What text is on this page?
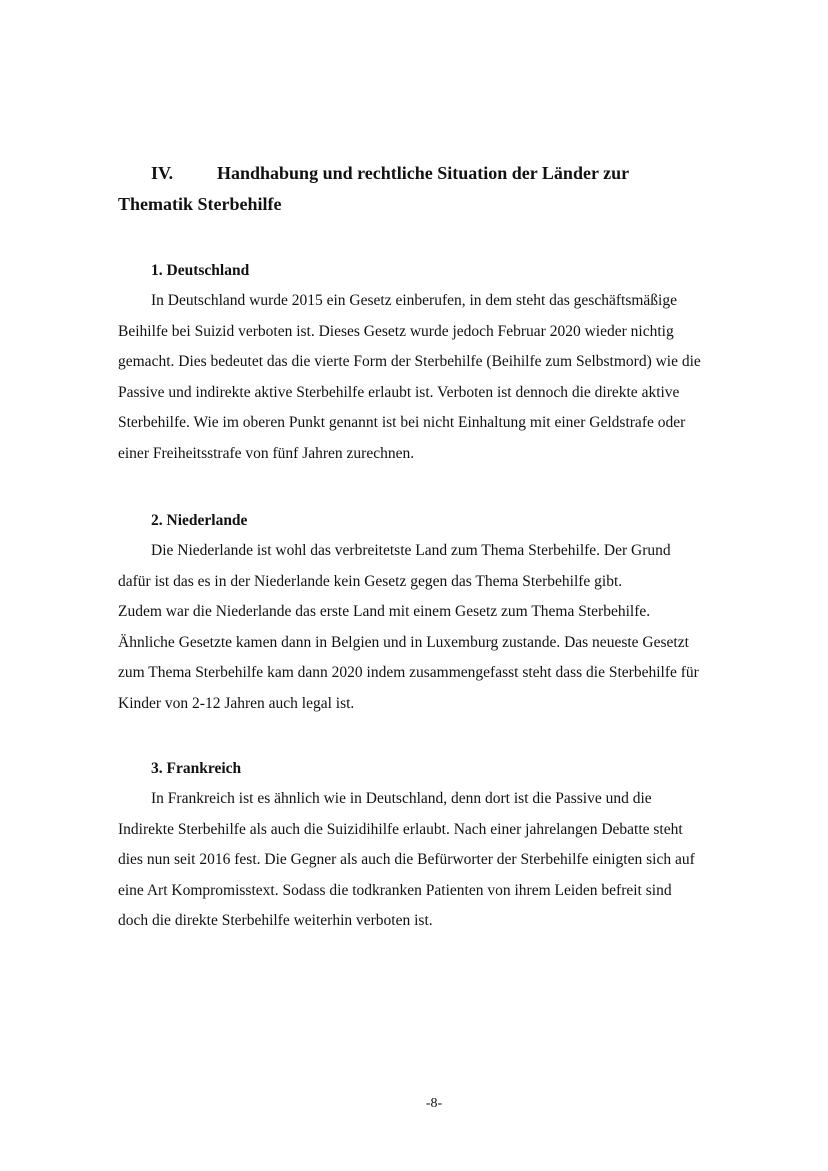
IV. Handhabung und rechtliche Situation der Länder zur
Thematik Sterbehilfe
1. Deutschland

In Deutschland wurde 2015 ein Gesetz einberufen, in dem steht das geschäftsmäßige
Beihilfe bei Suizid verboten ist. Dieses Gesetz wurde jedoch Februar 2020 wieder nichtig
gemacht. Dies bedeutet das die vierte Form der Sterbehilfe (Beihilfe zum Selbstmord) wie die
Passive und indirekte aktive Sterbehilfe erlaubt ist. Verboten ist dennoch die direkte aktive
Sterbehilfe. Wie im oberen Punkt genannt ist bei nicht Einhaltung mit einer Geldstrafe oder
einer Freiheitsstrafe von fünf Jahren zurechnen.

2. Niederlande

Die Niederlande ist wohl das verbreitetste Land zum Thema Sterbehilfe. Der Grund
dafür ist das es in der Niederlande kein Gesetz gegen das Thema Sterbehilfe gibt.
Zudem war die Niederlande das erste Land mit einem Gesetz zum Thema Sterbehilfe.
Ähnliche Gesetzte kamen dann in Belgien und in Luxemburg zustande. Das neueste Gesetzt
zum Thema Sterbehilfe kam dann 2020 indem zusammengefasst steht dass die Sterbehilfe für
Kinder von 2-12 Jahren auch legal ist.

3. Frankreich

In Frankreich ist es ähnlich wie in Deutschland, denn dort ist die Passive und die
Indirekte Sterbehilfe als auch die Suizidihilfe erlaubt. Nach einer jahrelangen Debatte steht
dies nun seit 2016 fest. Die Gegner als auch die Befürworter der Sterbehilfe einigten sich auf
eine Art Kompromisstext. Sodass die todkranken Patienten von ihrem Leiden befreit sind
doch die direkte Sterbehilfe weiterhin verboten ist.

-8-
